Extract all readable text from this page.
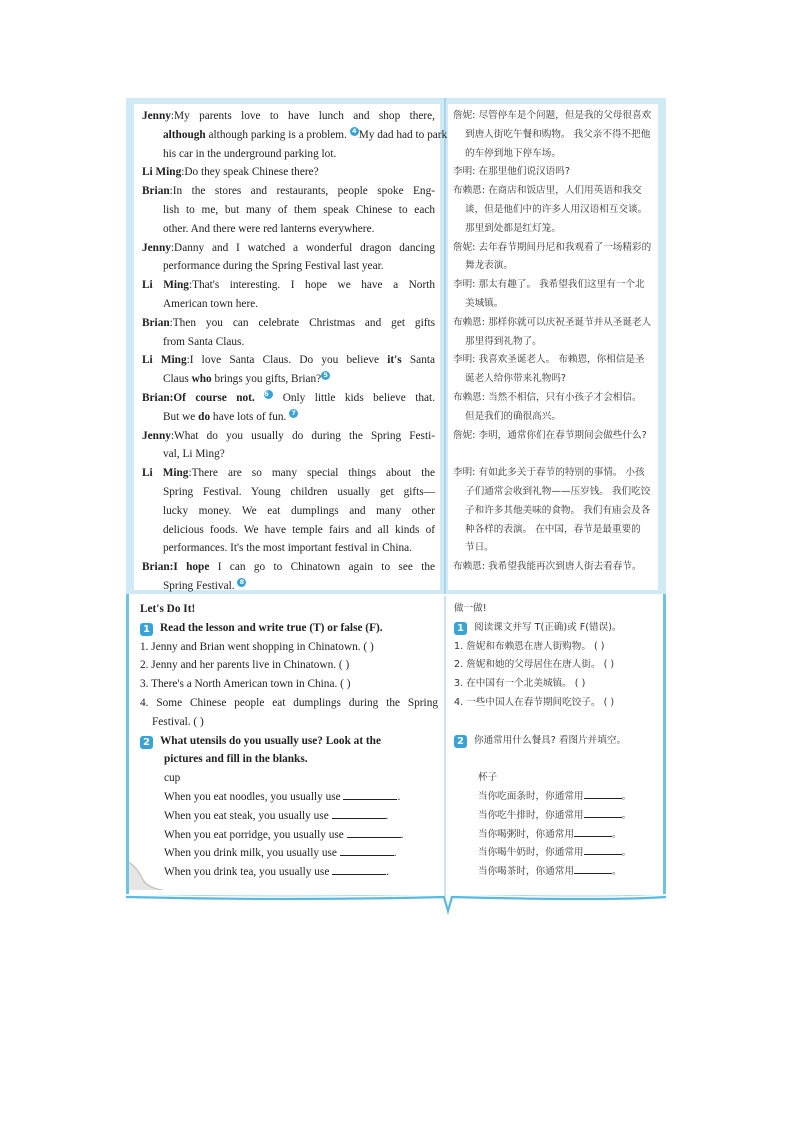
Jenny:My parents love to have lunch and shop there,
although although parking is a problem. 4 My dad had to park
his car in the underground parking lot.
Li Ming:Do they speak Chinese there?
Brian:In the stores and restaurants, people spoke Eng-
lish to me, but many of them speak Chinese to each
other. And there were red lanterns everywhere.
Jenny:Danny and I watched a wonderful dragon dancing
performance during the Spring Festival last year.
Li Ming:That's interesting. I hope we have a North
American town here.
Brian:Then you can celebrate Christmas and get gifts
from Santa Claus.
Li Ming:I love Santa Claus. Do you believe it's Santa
Claus who brings you gifts, Brian? 5
Brian:Of course not. 6 Only little kids believe that.
But we do have lots of fun. 7
Jenny:What do you usually do during the Spring Festi-
val, Li Ming?
Li Ming:There are so many special things about the
Spring Festival. Young children usually get gifts—
lucky money. We eat dumplings and many other
delicious foods. We have temple fairs and all kinds of
performances. It's the most important festival in China.
Brian:I hope I can go to Chinatown again to see the
Spring Festival. 8
詹妮: 尽管停车是个问题，但是我的父母很喜欢
到唐人街吃午餐和购物。 我父亲不得不把他
的车停到地下停车场。
李明: 在那里他们说汉语吗?
布赖恩: 在商店和饭店里，人们用英语和我交
谈，但是他们中的许多人用汉语相互交谈。
那里到处都是红灯笼。
詹妮: 去年春节期间丹尼和我观看了一场精彩的
舞龙表演。
李明: 那太有趣了。 我希望我们这里有一个北
美城镇。
布赖恩: 那样你就可以庆祝圣诞节并从圣诞老人
那里得到礼物了。
李明: 我喜欢圣诞老人。 布赖恩，你相信是圣
诞老人给你带来礼物吗?
布赖恩: 当然不相信，只有小孩子才会相信。
但是我们的确很高兴。
詹妮: 李明，通常你们在春节期间会做些什么?

李明: 有如此多关于春节的特别的事情。 小孩
子们通常会收到礼物——压岁钱。 我们吃饺
子和许多其他美味的食物。 我们有庙会及各
种各样的表演。 在中国，春节是最重要的
节日。
布赖恩: 我希望我能再次到唐人街去看春节。
Let's Do It!
1 Read the lesson and write true (T) or false (F).
1. Jenny and Brian went shopping in Chinatown. ( )
2. Jenny and her parents live in Chinatown. ( )
3. There's a North American town in China. ( )
4. Some Chinese people eat dumplings during the Spring
Festival. ( )
2 What utensils do you usually use? Look at the
pictures and fill in the blanks.
cup
When you eat noodles, you usually use	.
When you eat steak, you usually use	.
When you eat porridge, you usually use	.
When you drink milk, you usually use	.
When you drink tea, you usually use	.
做一做!
1 阅读课文并写 T(正确)或 F(错误)。
1. 詹妮和布赖恩在唐人街购物。 ( )
2. 詹妮和她的父母居住在唐人街。 ( )
3. 在中国有一个北美城镇。 ( )
4. 一些中国人在春节期间吃饺子。 ( )

2 你通常用什么餐具? 看图片并填空。

杯子
当你吃面条时，你通常用	。
当你吃牛排时，你通常用	。
当你喝粥时，你通常用	。
当你喝牛奶时，你通常用	。
当你喝茶时，你通常用	。
